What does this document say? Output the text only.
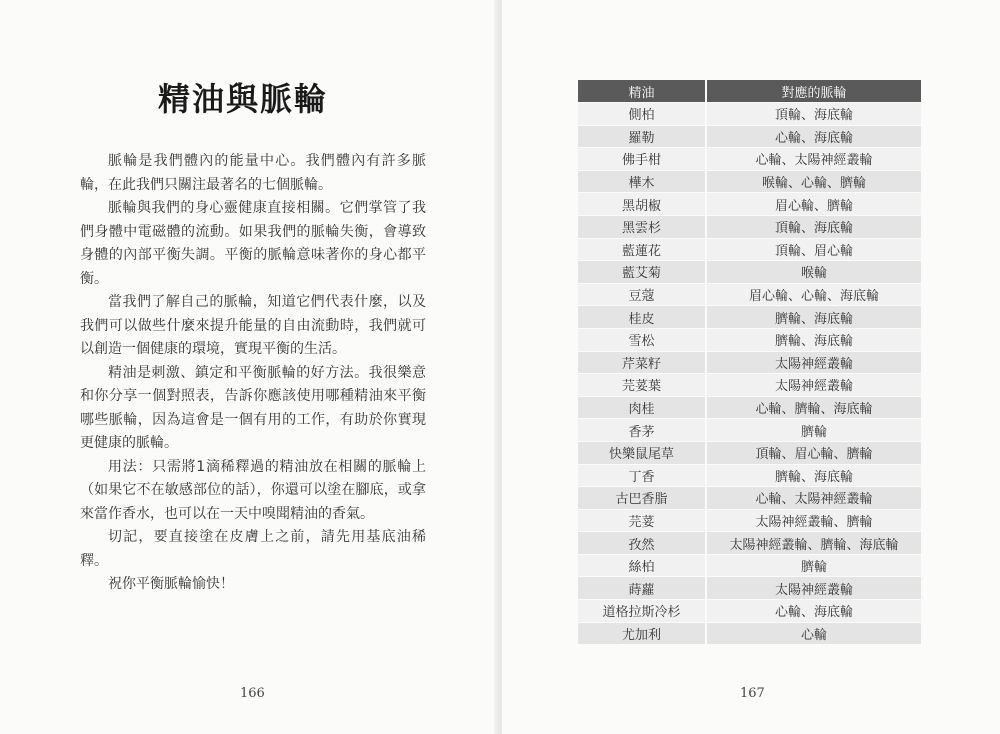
精油與脈輪

脈輪是我們體內的能量中心。我們體內有許多脈輪，在此我們只關注最著名的七個脈輪。

脈輪與我們的身心靈健康直接相關。它們掌管了我們身體中電磁體的流動。如果我們的脈輪失衡，會導致身體的內部平衡失調。平衡的脈輪意味著你的身心都平衡。

當我們了解自己的脈輪，知道它們代表什麼，以及我們可以做些什麼來提升能量的自由流動時，我們就可以創造一個健康的環境，實現平衡的生活。

精油是刺激、鎮定和平衡脈輪的好方法。我很樂意和你分享一個對照表，告訴你應該使用哪種精油來平衡哪些脈輪，因為這會是一個有用的工作，有助於你實現更健康的脈輪。

用法：只需將1滴稀釋過的精油放在相關的脈輪上（如果它不在敏感部位的話），你還可以塗在腳底，或拿來當作香水，也可以在一天中嗅聞精油的香氣。

切記，要直接塗在皮膚上之前，請先用基底油稀釋。

祝你平衡脈輪愉快！

166
精油	對應的脈輪
側柏	頂輪、海底輪
羅勒	心輪、海底輪
佛手柑	心輪、太陽神經叢輪
樺木	喉輪、心輪、臍輪
黑胡椒	眉心輪、臍輪
黑雲杉	頂輪、海底輪
藍蓮花	頂輪、眉心輪
藍艾菊	喉輪
豆蔻	眉心輪、心輪、海底輪
桂皮	臍輪、海底輪
雪松	臍輪、海底輪
芹菜籽	太陽神經叢輪
芫荽葉	太陽神經叢輪
肉桂	心輪、臍輪、海底輪
香茅	臍輪
快樂鼠尾草	頂輪、眉心輪、臍輪
丁香	臍輪、海底輪
古巴香脂	心輪、太陽神經叢輪
芫荽	太陽神經叢輪、臍輪
孜然	太陽神經叢輪、臍輪、海底輪
絲柏	臍輪
蒔蘿	太陽神經叢輪
道格拉斯冷杉	心輪、海底輪
尤加利	心輪
167
